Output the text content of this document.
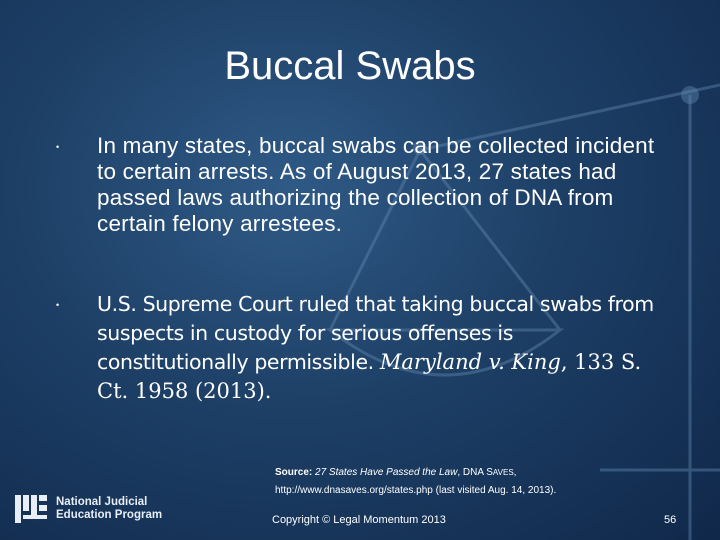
Buccal Swabs
• In many states, buccal swabs can be collected incident to certain arrests. As of August 2013, 27 states had passed laws authorizing the collection of DNA from certain felony arrestees.
• U.S. Supreme Court ruled that taking buccal swabs from suspects in custody for serious offenses is constitutionally permissible. Maryland v. King, 133 S. Ct. 1958 (2013).
Source: 27 States Have Passed the Law, DNA SAVES,
http://www.dnasaves.org/states.php (last visited Aug. 14, 2013).
National Judicial
Education Program	Copyright © Legal Momentum 2013	56
